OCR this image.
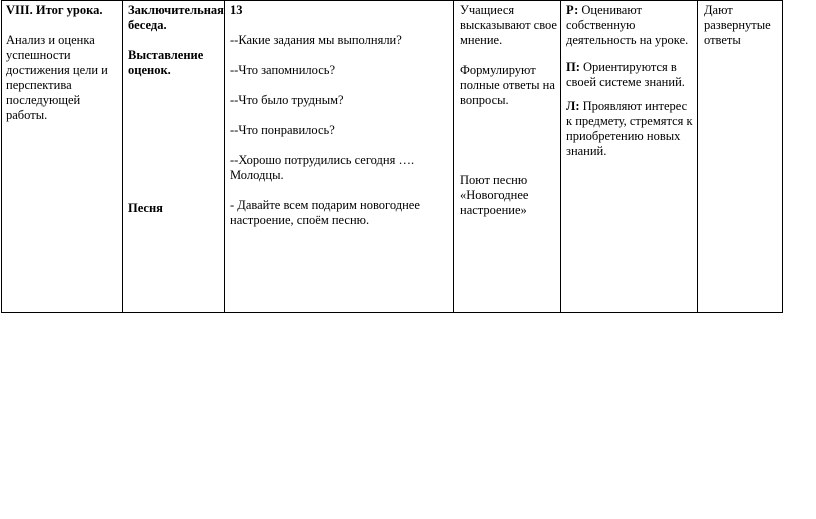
VIII. Итог урока.
Анализ и оценка
успешности
достижения цели и
перспектива
последующей
работы.
Заключительная
беседа.
Выставление
оценок.
Песня
13
--Какие задания мы выполняли?
--Что запомнилось?
--Что было трудным?
--Что понравилось?
--Хорошо потрудились сегодня ….
Молодцы.
- Давайте всем подарим новогоднее
настроение, споём песню.
Учащиеся
высказывают свое
мнение.
Формулируют
полные ответы на
вопросы.
Поют песню
«Новогоднее
настроение»
Р: Оценивают
собственную
деятельность на уроке.
П: Ориентируются в
своей системе знаний.
Л: Проявляют интерес
к предмету, стремятся к
приобретению новых
знаний.
Дают
развернутые
ответы
